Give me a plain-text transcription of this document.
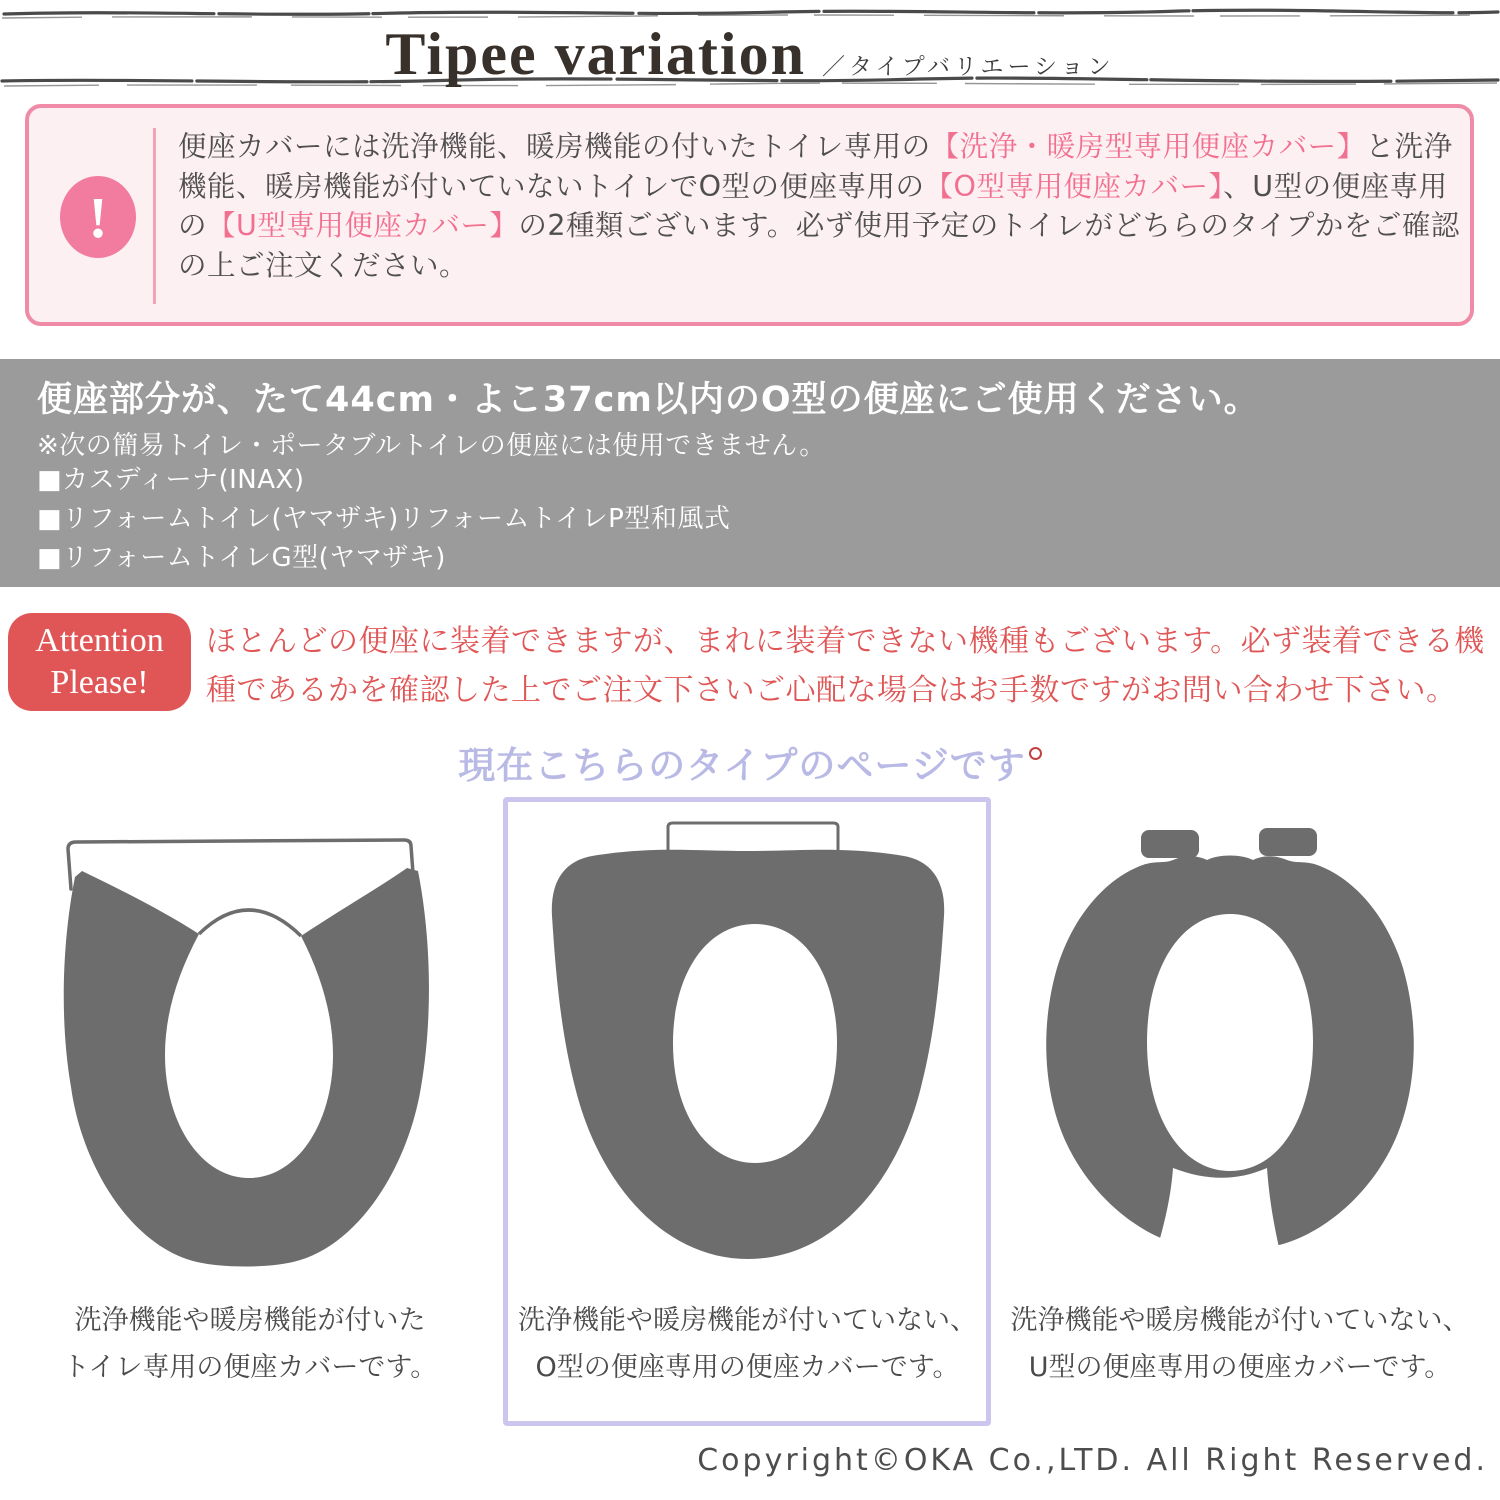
Tipee variation ／タイプバリエーション
!

便座カバーには洗浄機能、暖房機能の付いたトイレ専用の【洗浄・暖房型専用便座カバー】と洗浄機能、暖房機能が付いていないトイレでO型の便座専用の【O型専用便座カバー】、U型の便座専用の【U型専用便座カバー】の2種類ございます。必ず使用予定のトイレがどちらのタイプかをご確認の上ご注文ください。

便座部分が、たて44cm・よこ37cm以内のO型の便座にご使用ください。
※次の簡易トイレ・ポータブルトイレの便座には使用できません。
■カスディーナ(INAX)
■リフォームトイレ(ヤマザキ)リフォームトイレP型和風式
■リフォームトイレG型(ヤマザキ)
Attention
Please!

ほとんどの便座に装着できますが、まれに装着できない機種もございます。必ず装着できる機種であるかを確認した上でご注文下さいご心配な場合はお手数ですがお問い合わせ下さい。

現在こちらのタイプのページです
洗浄機能や暖房機能が付いた
トイレ専用の便座カバーです。
洗浄機能や暖房機能が付いていない、
O型の便座専用の便座カバーです。
洗浄機能や暖房機能が付いていない、
U型の便座専用の便座カバーです。
Copyright©OKA Co.,LTD. All Right Reserved.
